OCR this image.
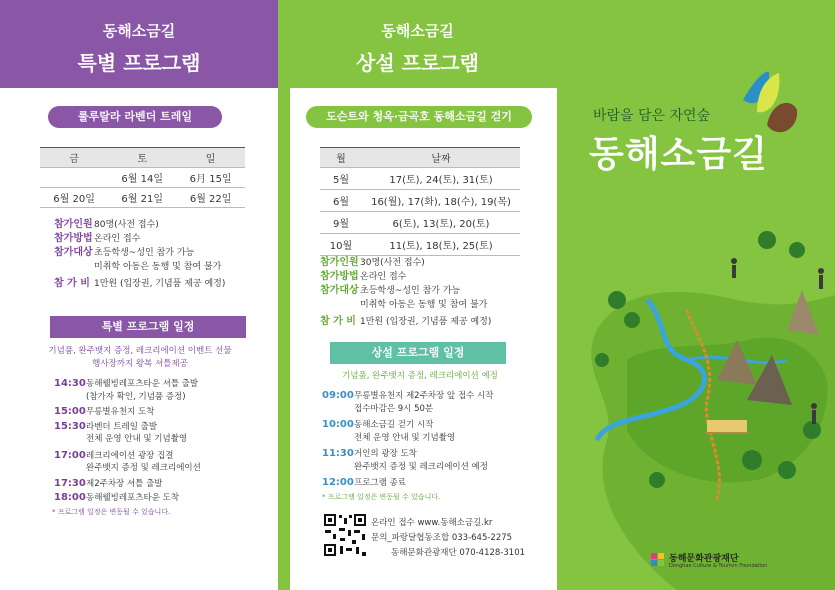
동해소금길
특별 프로그램
룰루랄라 라벤더 트레일
금	토	일
	6월 14일	6月 15일
6월 20일	6월 21일	6월 22일
참가인원80명(사전 접수)
참가방법온라인 접수
참가대상초등학생~성인 참가 가능
미취학 아동은 동행 및 참여 불가
참 가 비 1만원 (입장권, 기념품 제공 예정)
특별 프로그램 일정
기념품, 완주뱃지 증정, 레크리에이션 이벤트 선물
행사장까지 왕복 셔틀제공
14:30동해웰빙레포츠타운 셔틀 출발
(참가자 확인, 기념품 증정)
15:00무릉별유천지 도착
15:30라벤더 트레일 출발
전체 운영 안내 및 기념촬영
17:00레크리에이션 광장 집결
완주뱃지 증정 및 레크리에이션
17:30제2주차장 셔틀 출발
18:00동해웰빙레포츠타운 도착
* 프로그램 일정은 변동될 수 있습니다.
동해소금길
상설 프로그램
도슨트와 청옥·금곡호 동해소금길 걷기
월	날짜
5월	17(토), 24(토), 31(토)
6월	16(월), 17(화), 18(수), 19(목)
9월	6(토), 13(토), 20(토)
10월	11(토), 18(토), 25(토)
참가인원30명(사전 접수)
참가방법온라인 접수
참가대상초등학생~성인 참가 가능
미취학 아동은 동행 및 참여 불가
참 가 비 1만원 (입장권, 기념품 제공 예정)
상설 프로그램 일정
기념품, 완주뱃지 증정, 레크리에이션 예정
09:00무릉별유천지 제2주차장 앞 접수 시작
접수마감은 9시 50분
10:00동해소금길 걷기 시작
전체 운영 안내 및 기념촬영
11:30거인의 광장 도착
완주뱃지 증정 및 레크리에이션 예정
12:00프로그램 종료
* 프로그램 일정은 변동될 수 있습니다.
온라인 접수 www.동해소금길.kr
문의_파랑달협동조합 033-645-2275
동해문화관광재단 070-4128-3101
바람을 담은 자연숲
동해소금길
동해문화관광재단
Donghae Culture & Tourism Foundation
